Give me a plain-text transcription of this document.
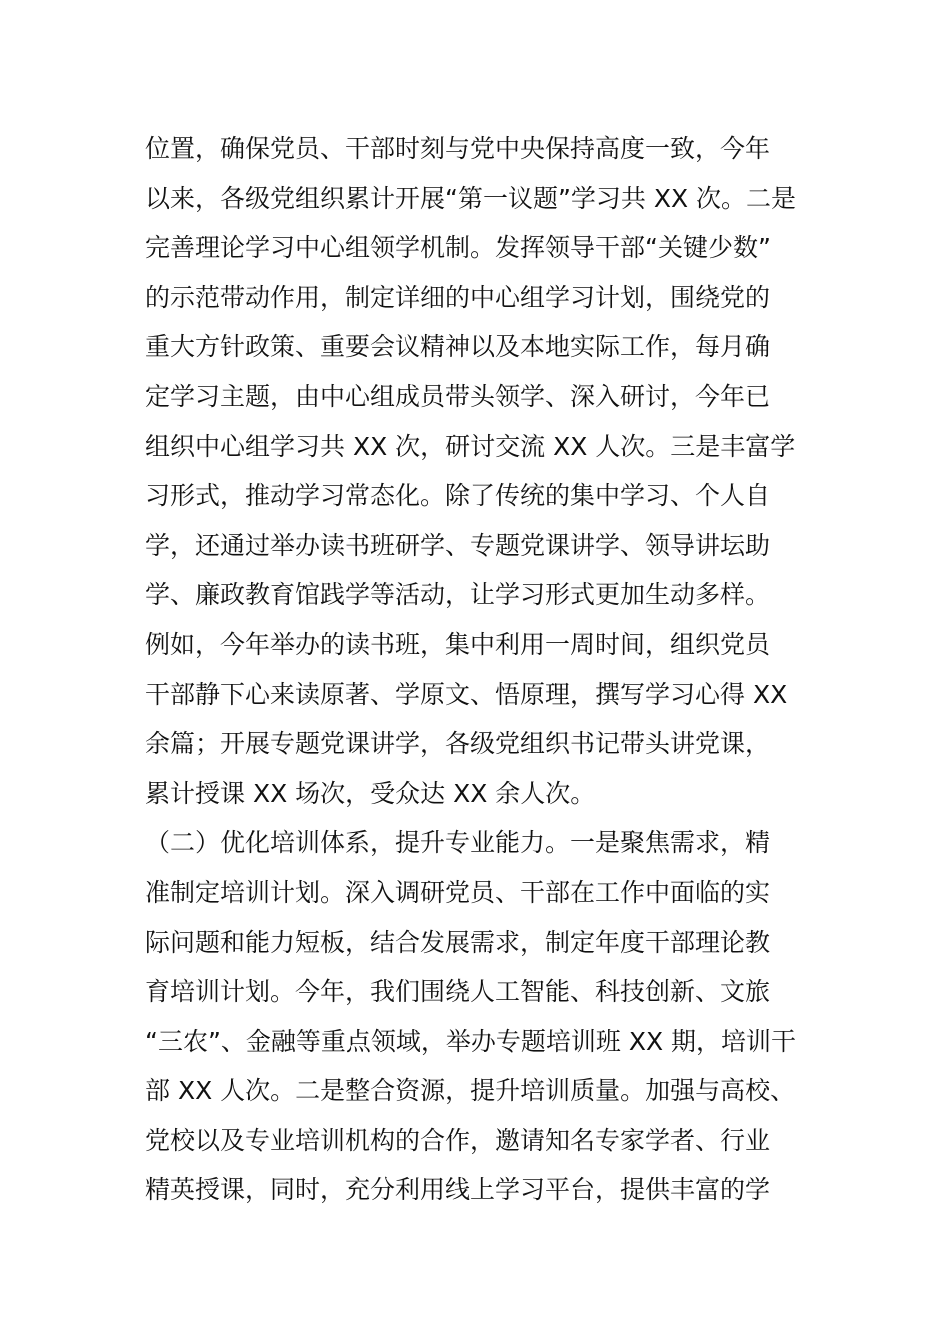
位置，确保党员、干部时刻与党中央保持高度一致，今年
以来，各级党组织累计开展“第一议题”学习共 XX 次。二是
完善理论学习中心组领学机制。发挥领导干部“关键少数”
的示范带动作用，制定详细的中心组学习计划，围绕党的
重大方针政策、重要会议精神以及本地实际工作，每月确
定学习主题，由中心组成员带头领学、深入研讨，今年已
组织中心组学习共 XX 次，研讨交流 XX 人次。三是丰富学
习形式，推动学习常态化。除了传统的集中学习、个人自
学，还通过举办读书班研学、专题党课讲学、领导讲坛助
学、廉政教育馆践学等活动，让学习形式更加生动多样。
例如，今年举办的读书班，集中利用一周时间，组织党员
干部静下心来读原著、学原文、悟原理，撰写学习心得 XX
余篇；开展专题党课讲学，各级党组织书记带头讲党课，
累计授课 XX 场次，受众达 XX 余人次。
（二）优化培训体系，提升专业能力。一是聚焦需求，精
准制定培训计划。深入调研党员、干部在工作中面临的实
际问题和能力短板，结合发展需求，制定年度干部理论教
育培训计划。今年，我们围绕人工智能、科技创新、文旅
“三农”、金融等重点领域，举办专题培训班 XX 期，培训干
部 XX 人次。二是整合资源，提升培训质量。加强与高校、
党校以及专业培训机构的合作，邀请知名专家学者、行业
精英授课，同时，充分利用线上学习平台，提供丰富的学
